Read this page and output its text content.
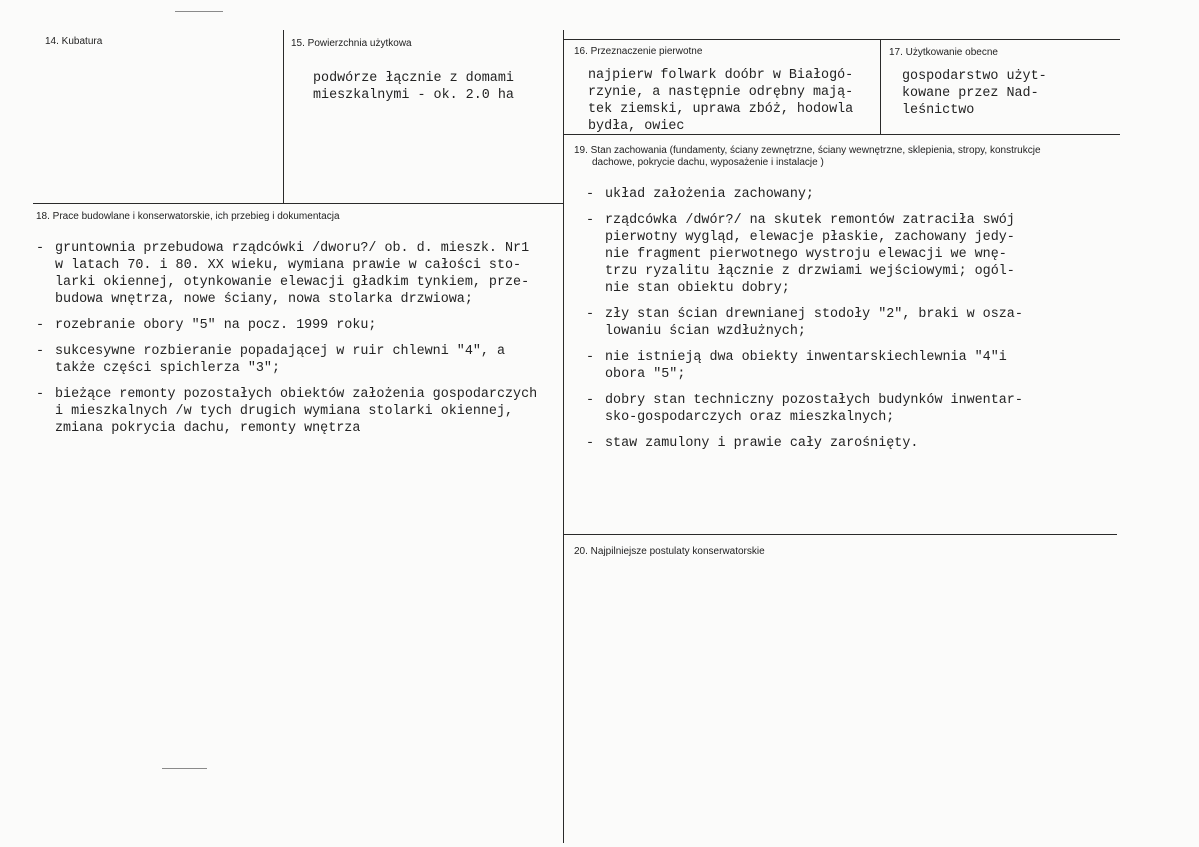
14. Kubatura	15. Powierzchnia użytkowa
podwórze łącznie z domami
mieszkalnymi - ok. 2.0 ha
16. Przeznaczenie pierwotne
najpierw folwark doóbr w Białogó-
rzynie, a następnie odrębny mają-
tek ziemski, uprawa zbóż, hodowla
bydła, owiec
17. Użytkowanie obecne
gospodarstwo użyt-
kowane przez Nad-
leśnictwo
19. Stan zachowania (fundamenty, ściany zewnętrzne, ściany wewnętrzne, sklepienia, stropy, konstrukcje
dachowe, pokrycie dachu, wyposażenie i instalacje )
- układ założenia zachowany;
- rządcówka /dwór?/ na skutek remontów zatraciła swój
pierwotny wygląd, elewacje płaskie, zachowany jedy-
nie fragment pierwotnego wystroju elewacji we wnę-
trzu ryzalitu łącznie z drzwiami wejściowymi; ogól-
nie stan obiektu dobry;
- zły stan ścian drewnianej stodoły "2", braki w osza-
lowaniu ścian wzdłużnych;
- nie istnieją dwa obiekty inwentarskiechlewnia "4"i
obora "5";
- dobry stan techniczny pozostałych budynków inwentar-
sko-gospodarczych oraz mieszkalnych;
- staw zamulony i prawie cały zarośnięty.
18. Prace budowlane i konserwatorskie, ich przebieg i dokumentacja
- gruntownia przebudowa rządcówki /dworu?/ ob. d. mieszk. Nr1
w latach 70. i 80. XX wieku, wymiana prawie w całości sto-
larki okiennej, otynkowanie elewacji gładkim tynkiem, prze-
budowa wnętrza, nowe ściany, nowa stolarka drzwiowa;
- rozebranie obory "5" na pocz. 1999 roku;
- sukcesywne rozbieranie popadającej w ruir chlewni "4", a
także części spichlerza "3";
- bieżące remonty pozostałych obiektów założenia gospodarczych
i mieszkalnych /w tych drugich wymiana stolarki okiennej,
zmiana pokrycia dachu, remonty wnętrza
20. Najpilniejsze postulaty konserwatorskie
